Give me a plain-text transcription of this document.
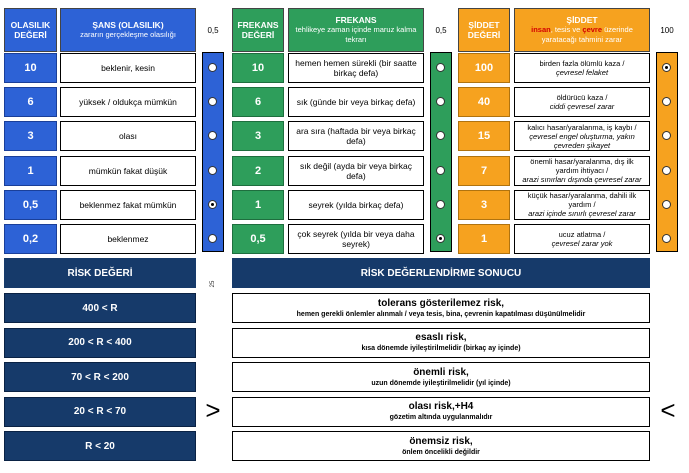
OLASILIK DEĞERİ
ŞANS (OLASILIK)
zararın gerçekleşme olasılığı	0,5
10	beklenir, kesin
6	yüksek / oldukça mümkün
3	olası
1	mümkün fakat düşük
0,5	beklenmez fakat mümkün
0,2	beklenmez
FREKANS DEĞERİ
FREKANS
tehlikeye zaman içinde maruz kalma tekrarı
0,5
10	hemen hemen sürekli (bir saatte birkaç defa)
6	sık (günde bir veya birkaç defa)
3	ara sıra (haftada bir veya birkaç defa)
2	sık değil (ayda bir veya birkaç defa)
1	seyrek (yılda birkaç defa)
0,5	çok seyrek (yılda bir veya daha seyrek)
ŞİDDET DEĞERİ
ŞİDDET
insan, tesis ve çevre üzerinde yaratacağı tahmini zarar
100
100	birden fazla ölümlü kaza /
çevresel felaket
40	öldürücü kaza /
ciddi çevresel zarar
15
kalıcı hasar/yaralanma, iş kaybı /
çevresel engel oluşturma, yakın çevreden şikayet
7
önemli hasar/yaralanma, dış ilk yardım ihtiyacı /
arazi sınırları dışında çevresel zarar
3
küçük hasar/yaralanma, dahili ilk yardım /
arazi içinde sınırlı çevresel zarar
1	ucuz atlatma /
çevresel zarar yok
RİSK DEĞERİ	RİSK DEĞERLENDİRME SONUCU
25
400 < R	tolerans gösterilemez risk,
hemen gerekli önlemler alınmalı / veya tesis, bina, çevrenin kapatılması düşünülmelidir
200 < R < 400	esaslı risk,
kısa dönemde iyileştirilmelidir (birkaç ay içinde)
70 < R < 200	önemli risk,
uzun dönemde iyileştirilmelidir (yıl içinde)
20 < R < 70	olası risk,+H4
gözetim altında uygulanmalıdır
R < 20	önemsiz risk,
önlem öncelikli değildir
>	<
